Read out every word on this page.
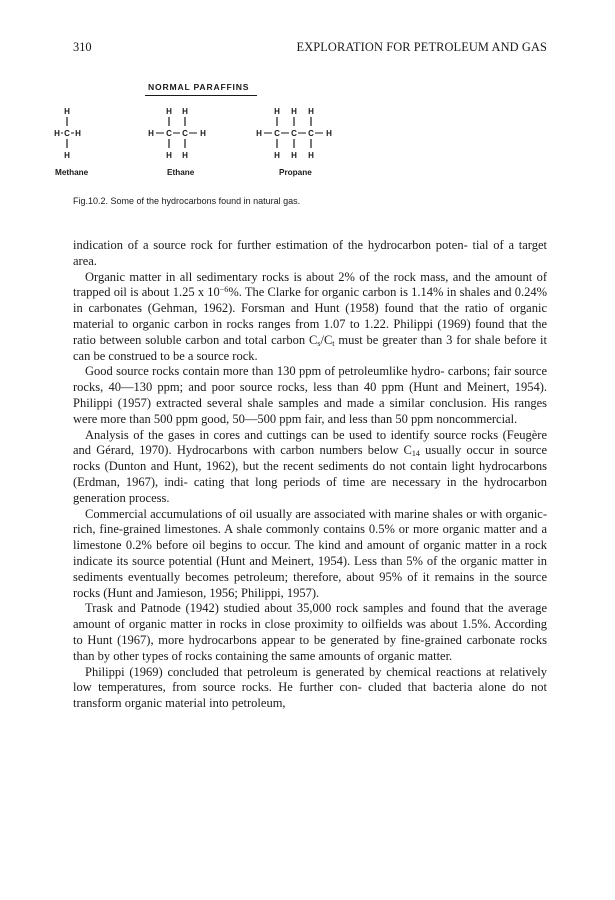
310	EXPLORATION FOR PETROLEUM AND GAS
NORMAL PARAFFINS
H
H C H
H
Methane
H H
H C C H
H H
Ethane
H H H
H C C C H
H H H
Propane
Fig.10.2. Some of the hydrocarbons found in natural gas.

indication of a source rock for further estimation of the hydrocarbon poten- tial of a target area.

Organic matter in all sedimentary rocks is about 2% of the rock mass, and the amount of trapped oil is about 1.25 x $10^{-6}\%$. The Clarke for organic carbon is 1.14% in shales and 0.24% in carbonates (Gehman, 1962). Forsman and Hunt (1958) found that the ratio of organic material to organic carbon in rocks ranges from 1.07 to 1.22. Philippi (1969) found that the ratio between soluble carbon and total carbon $C_s/C_t$ must be greater than 3 for shale before it can be construed to be a source rock.

Good source rocks contain more than 130 ppm of petroleumlike hydro- carbons; fair source rocks, 40—130 ppm; and poor source rocks, less than 40 ppm (Hunt and Meinert, 1954). Philippi (1957) extracted several shale samples and made a similar conclusion. His ranges were more than 500 ppm good, 50—500 ppm fair, and less than 50 ppm noncommercial.

Analysis of the gases in cores and cuttings can be used to identify source rocks (Feugère and Gérard, 1970). Hydrocarbons with carbon numbers below $C_{14}$ usually occur in source rocks (Dunton and Hunt, 1962), but the recent sediments do not contain light hydrocarbons (Erdman, 1967), indi- cating that long periods of time are necessary in the hydrocarbon generation process.

Commercial accumulations of oil usually are associated with marine shales or with organic-rich, fine-grained limestones. A shale commonly contains 0.5% or more organic matter and a limestone 0.2% before oil begins to occur. The kind and amount of organic matter in a rock indicate its source potential (Hunt and Meinert, 1954). Less than 5% of the organic matter in sediments eventually becomes petroleum; therefore, about 95% of it remains in the source rocks (Hunt and Jamieson, 1956; Philippi, 1957).

Trask and Patnode (1942) studied about 35,000 rock samples and found that the average amount of organic matter in rocks in close proximity to oilfields was about 1.5%. According to Hunt (1967), more hydrocarbons appear to be generated by fine-grained carbonate rocks than by other types of rocks containing the same amounts of organic matter.

Philippi (1969) concluded that petroleum is generated by chemical reactions at relatively low temperatures, from source rocks. He further con- cluded that bacteria alone do not transform organic material into petroleum,
